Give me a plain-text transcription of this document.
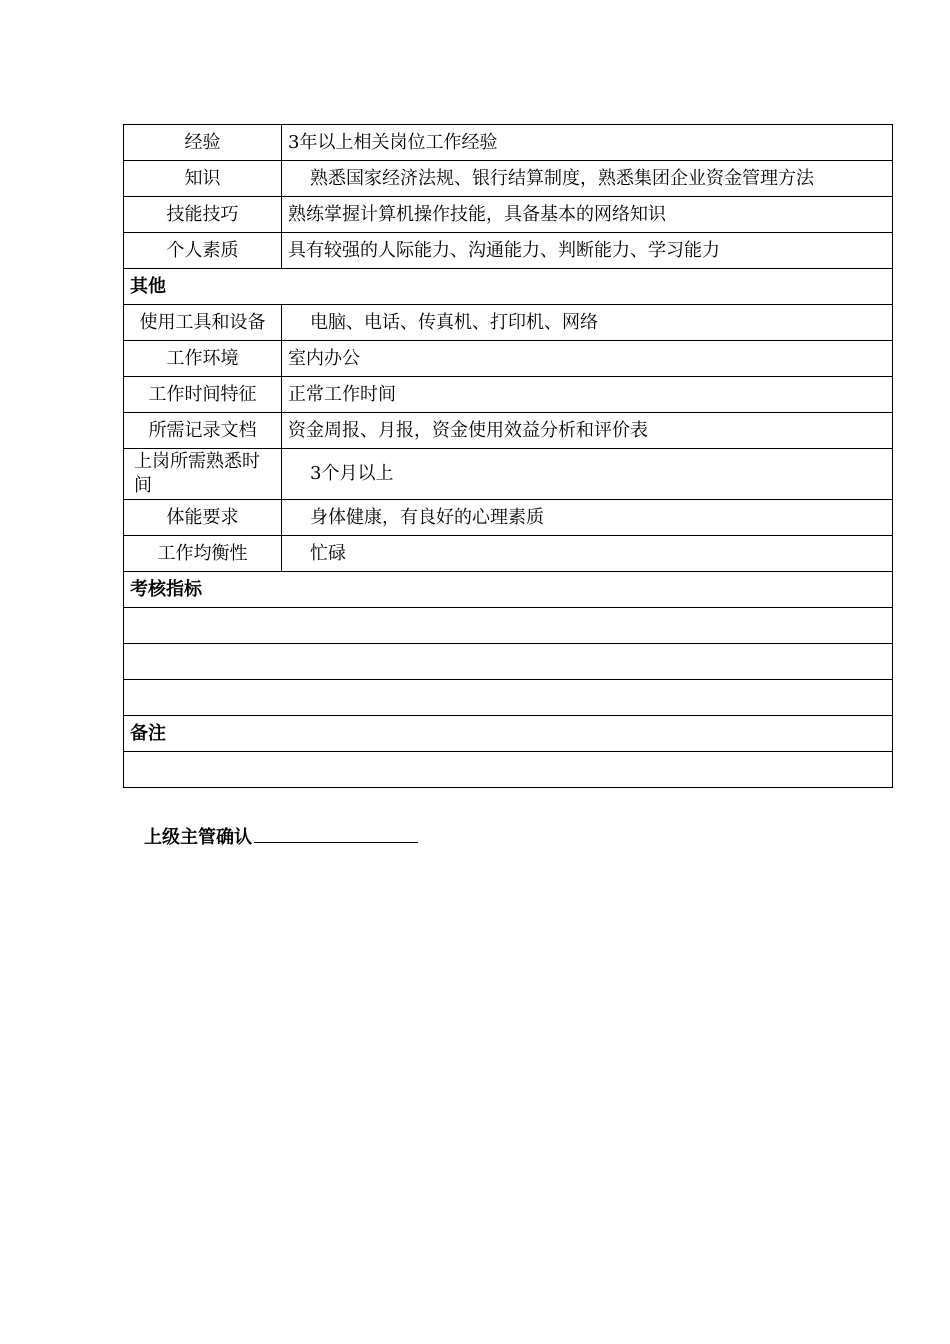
经验	3年以上相关岗位工作经验
知识	熟悉国家经济法规、银行结算制度，熟悉集团企业资金管理方法
技能技巧	熟练掌握计算机操作技能，具备基本的网络知识
个人素质	具有较强的人际能力、沟通能力、判断能力、学习能力
其他	
使用工具和设备	电脑、电话、传真机、打印机、网络
工作环境	室内办公
工作时间特征	正常工作时间
所需记录文档	资金周报、月报，资金使用效益分析和评价表
上岗所需熟悉时间	3个月以上
体能要求	身体健康，有良好的心理素质
工作均衡性	忙碌
考核指标	

备注	

上级主管确认
